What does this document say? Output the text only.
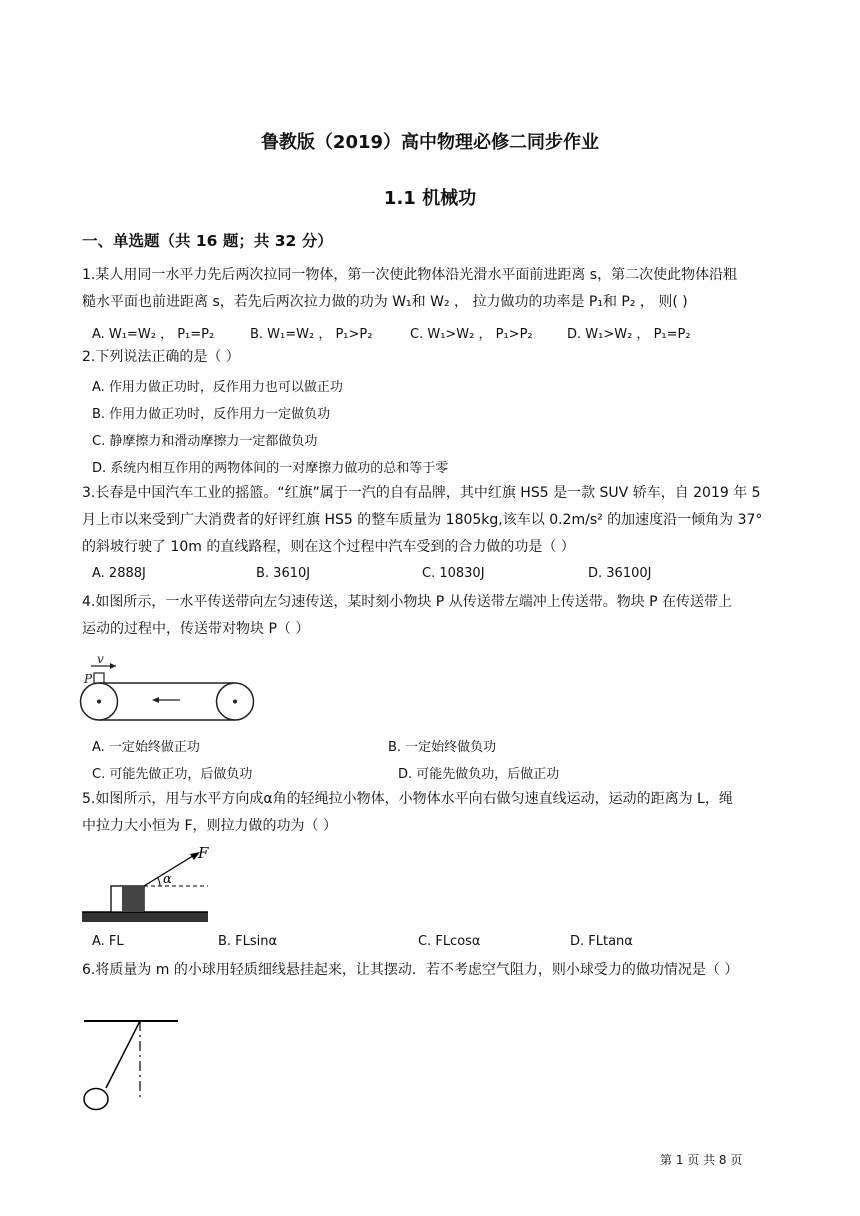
鲁教版（2019）高中物理必修二同步作业
1.1 机械功
一、单选题（共 16 题；共 32 分）
1.某人用同一水平力先后两次拉同一物体，第一次使此物体沿光滑水平面前进距离 s，第二次使此物体沿粗
糙水平面也前进距离 s，若先后两次拉力做的功为 W₁和 W₂ ， 拉力做功的功率是 P₁和 P₂ ， 则( )
A. W₁=W₂ ， P₁=P₂	B. W₁=W₂ ， P₁>P₂	C. W₁>W₂ ， P₁>P₂	D. W₁>W₂ ， P₁=P₂
2.下列说法正确的是（ ）
A. 作用力做正功时，反作用力也可以做正功
B. 作用力做正功时，反作用力一定做负功
C. 静摩擦力和滑动摩擦力一定都做负功
D. 系统内相互作用的两物体间的一对摩擦力做功的总和等于零
3.长春是中国汽车工业的摇篮。“红旗”属于一汽的自有品牌，其中红旗 HS5 是一款 SUV 轿车，自 2019 年 5
月上市以来受到广大消费者的好评红旗 HS5 的整车质量为 1805kg,该车以 0.2m/s² 的加速度沿一倾角为 37°
的斜坡行驶了 10m 的直线路程，则在这个过程中汽车受到的合力做的功是（ ）
A. 2888J	B. 3610J	C. 10830J	D. 36100J
4.如图所示，一水平传送带向左匀速传送，某时刻小物块 P 从传送带左端冲上传送带。物块 P 在传送带上
运动的过程中，传送带对物块 P（ ）
v
P
A. 一定始终做正功	B. 一定始终做负功
C. 可能先做正功，后做负功	D. 可能先做负功，后做正功
5.如图所示，用与水平方向成α角的轻绳拉小物体，小物体水平向右做匀速直线运动，运动的距离为 L，绳
中拉力大小恒为 F，则拉力做的功为（ ）
F
α
A. FL	B. FLsinα	C. FLcosα	D. FLtanα
6.将质量为 m 的小球用轻质细线悬挂起来，让其摆动．若不考虑空气阻力，则小球受力的做功情况是（ ）
第 1 页 共 8 页
